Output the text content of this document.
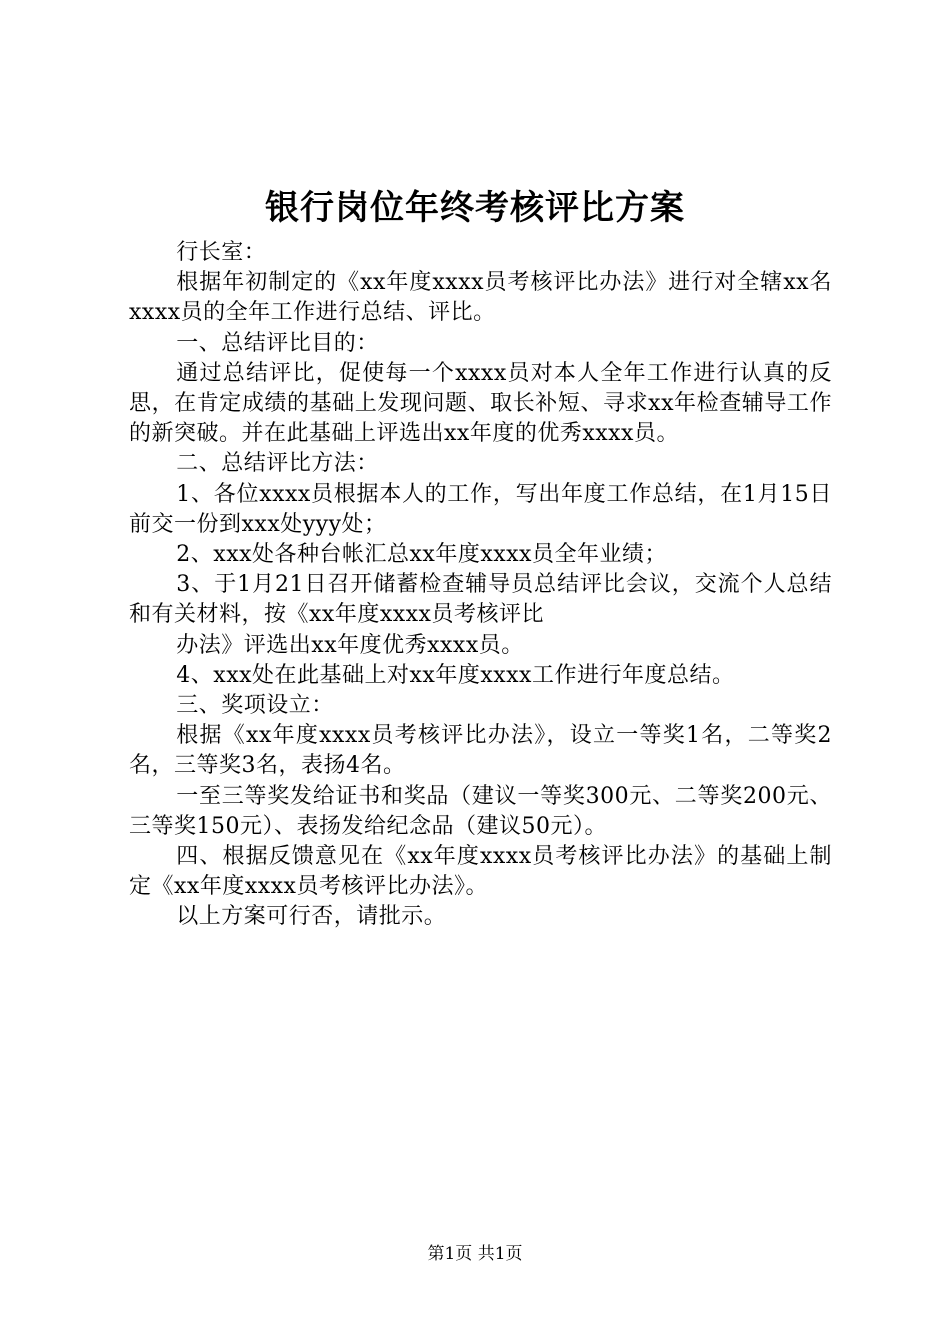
银行岗位年终考核评比方案

行长室：

根据年初制定的《xx年度xxxx员考核评比办法》进行对全辖xx名xxxx员的全年工作进行总结、评比。

一、总结评比目的：

通过总结评比，促使每一个xxxx员对本人全年工作进行认真的反思，在肯定成绩的基础上发现问题、取长补短、寻求xx年检查辅导工作的新突破。并在此基础上评选出xx年度的优秀xxxx员。

二、总结评比方法：

1、各位xxxx员根据本人的工作，写出年度工作总结，在1月15日前交一份到xxx处yyy处；

2、xxx处各种台帐汇总xx年度xxxx员全年业绩；

3、于1月21日召开储蓄检查辅导员总结评比会议，交流个人总结和有关材料，按《xx年度xxxx员考核评比

办法》评选出xx年度优秀xxxx员。

4、xxx处在此基础上对xx年度xxxx工作进行年度总结。

三、奖项设立：

根据《xx年度xxxx员考核评比办法》，设立一等奖1名，二等奖2名，三等奖3名，表扬4名。

一至三等奖发给证书和奖品（建议一等奖300元、二等奖200元、三等奖150元）、表扬发给纪念品（建议50元）。

四、根据反馈意见在《xx年度xxxx员考核评比办法》的基础上制定《xx年度xxxx员考核评比办法》。

以上方案可行否，请批示。

第1页 共1页
